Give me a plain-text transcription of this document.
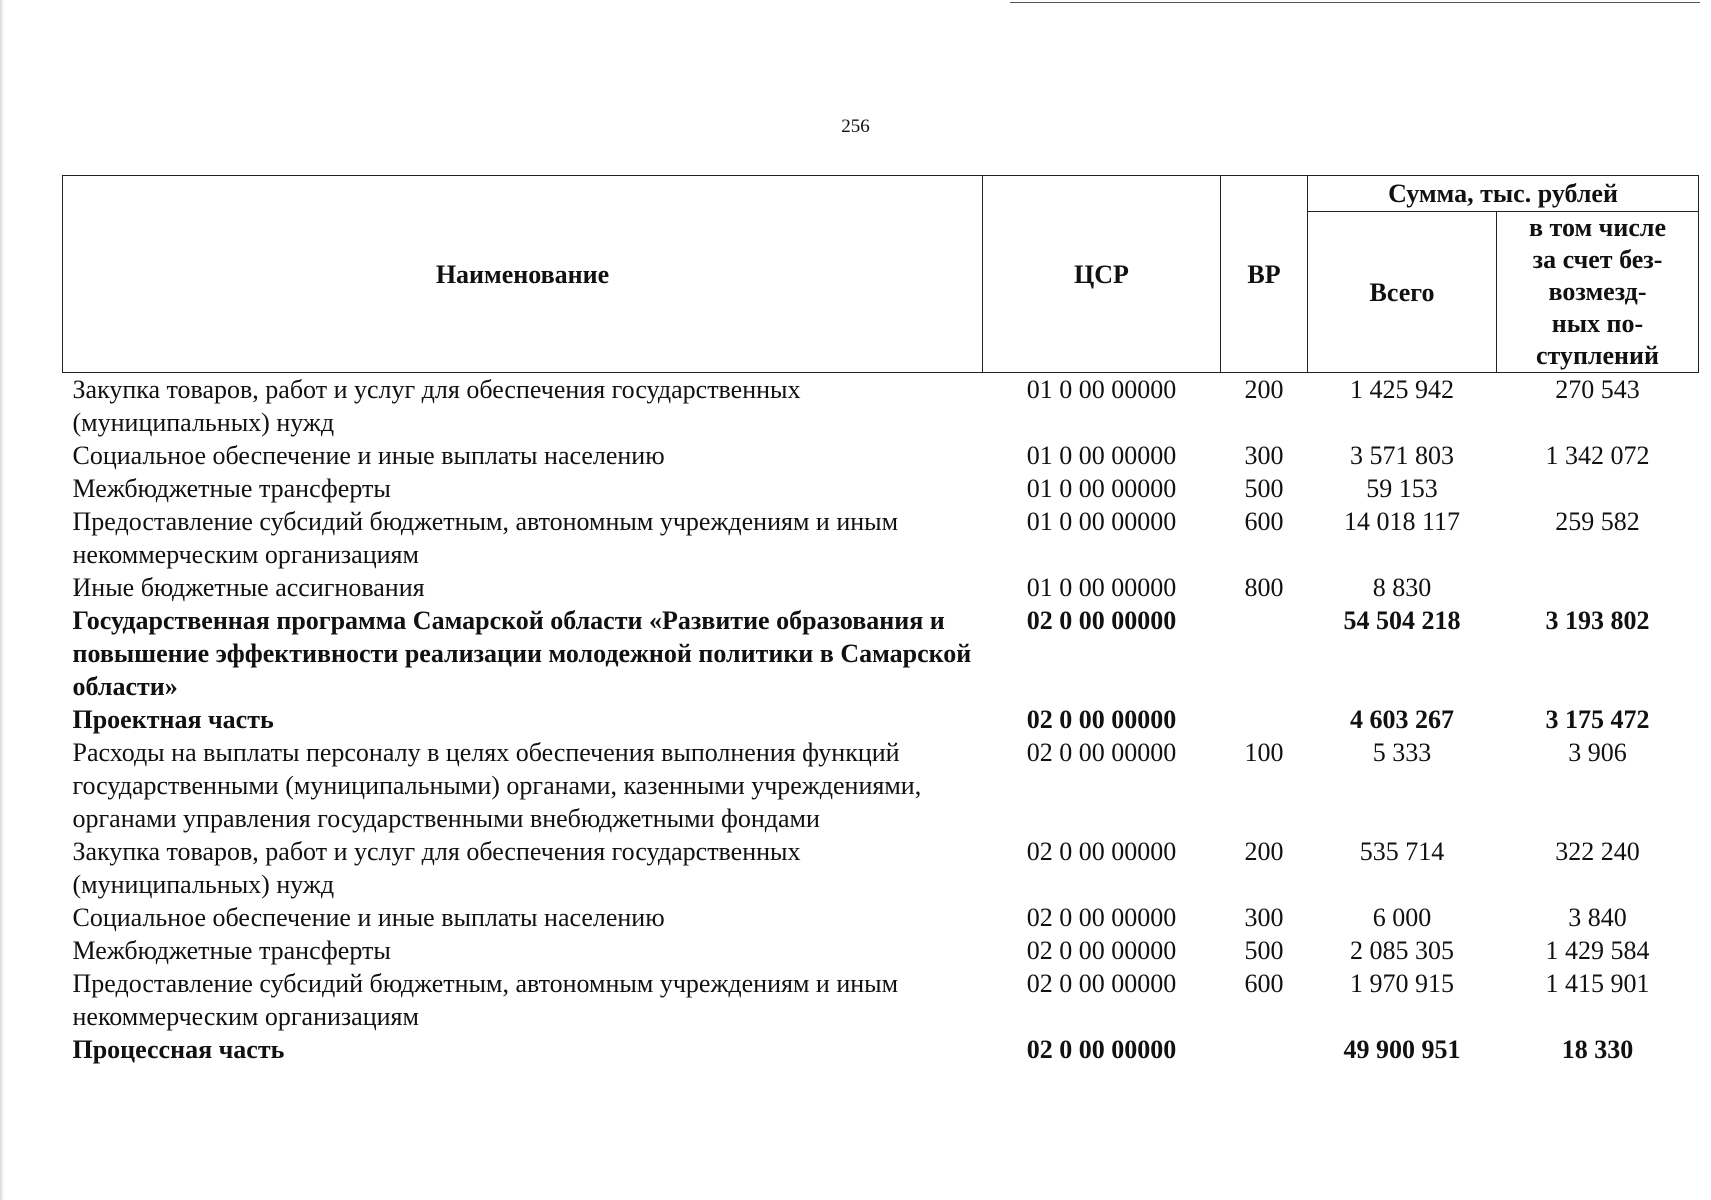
256
Наименование	ЦСР	ВР	Сумма, тыс. рублей	
			Всего	в том числе
за счет без-
возмезд-
ных по-
ступлений
Закупка товаров, работ и услуг для обеспечения государственных (муниципальных) нужд	01 0 00 00000	200	1 425 942	270 543
Социальное обеспечение и иные выплаты населению	01 0 00 00000	300	3 571 803	1 342 072
Межбюджетные трансферты	01 0 00 00000	500	59 153	
Предоставление субсидий бюджетным, автономным учреждениям и иным некоммерческим организациям	01 0 00 00000	600	14 018 117	259 582
Иные бюджетные ассигнования	01 0 00 00000	800	8 830	
Государственная программа Самарской области «Развитие образования и повышение эффективности реализации молодежной политики в Самарской области»	02 0 00 00000		54 504 218	3 193 802
Проектная часть	02 0 00 00000		4 603 267	3 175 472
Расходы на выплаты персоналу в целях обеспечения выполнения функций государственными (муниципальными) органами, казенными учреждениями, органами управления государственными внебюджетными фондами	02 0 00 00000	100	5 333	3 906
Закупка товаров, работ и услуг для обеспечения государственных (муниципальных) нужд	02 0 00 00000	200	535 714	322 240
Социальное обеспечение и иные выплаты населению	02 0 00 00000	300	6 000	3 840
Межбюджетные трансферты	02 0 00 00000	500	2 085 305	1 429 584
Предоставление субсидий бюджетным, автономным учреждениям и иным некоммерческим организациям	02 0 00 00000	600	1 970 915	1 415 901
Процессная часть	02 0 00 00000		49 900 951	18 330
